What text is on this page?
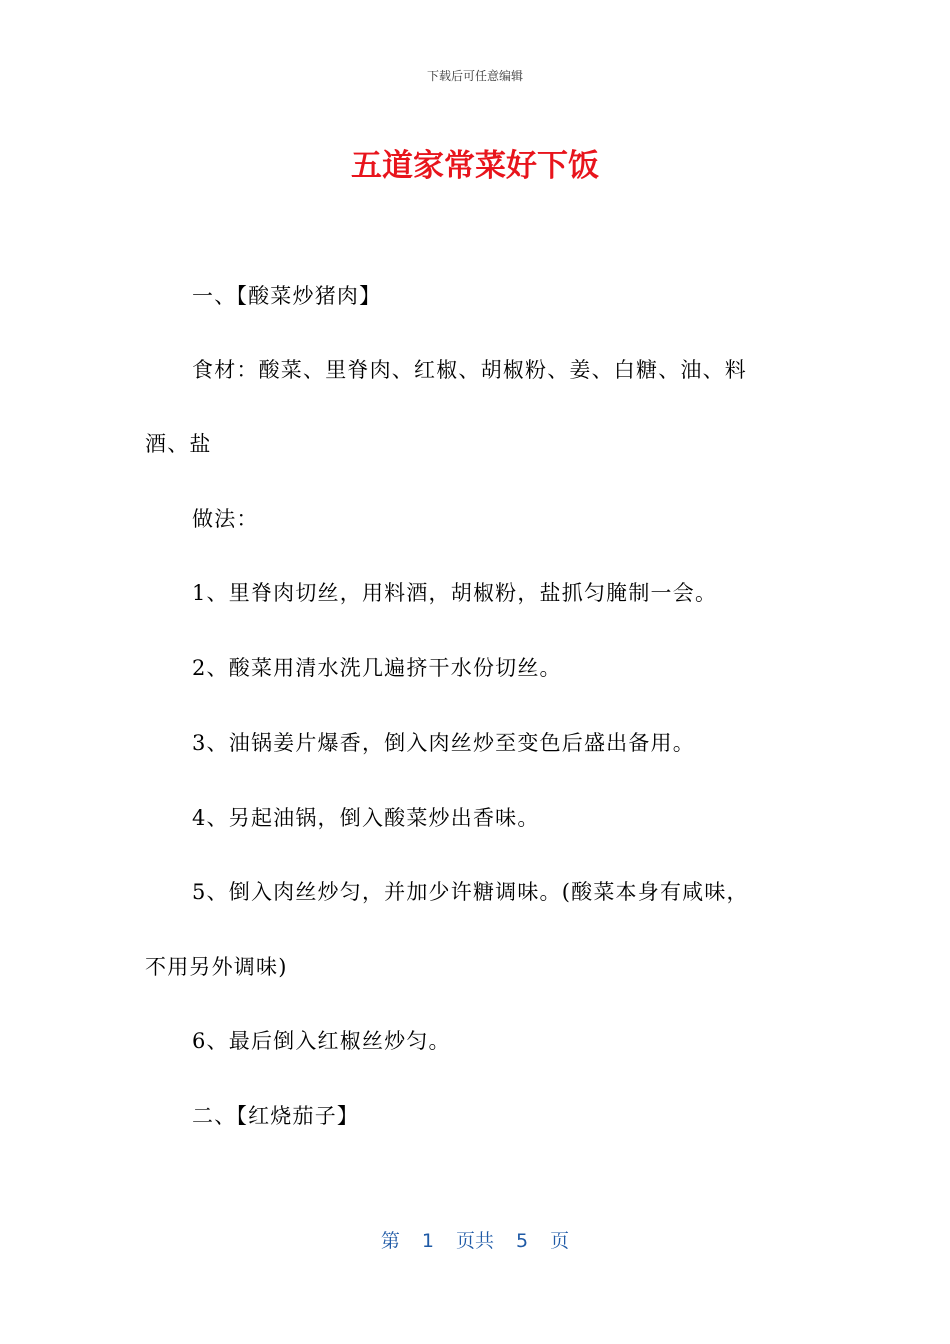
下载后可任意编辑
五道家常菜好下饭
一、【酸菜炒猪肉】
食材：酸菜、里脊肉、红椒、胡椒粉、姜、白糖、油、料
酒、盐
做法：
1、里脊肉切丝，用料酒，胡椒粉，盐抓匀腌制一会。
2、酸菜用清水洗几遍挤干水份切丝。
3、油锅姜片爆香，倒入肉丝炒至变色后盛出备用。
4、另起油锅，倒入酸菜炒出香味。
5、倒入肉丝炒匀，并加少许糖调味。(酸菜本身有咸味，
不用另外调味)
6、最后倒入红椒丝炒匀。
二、【红烧茄子】
第 1 页共 5 页
